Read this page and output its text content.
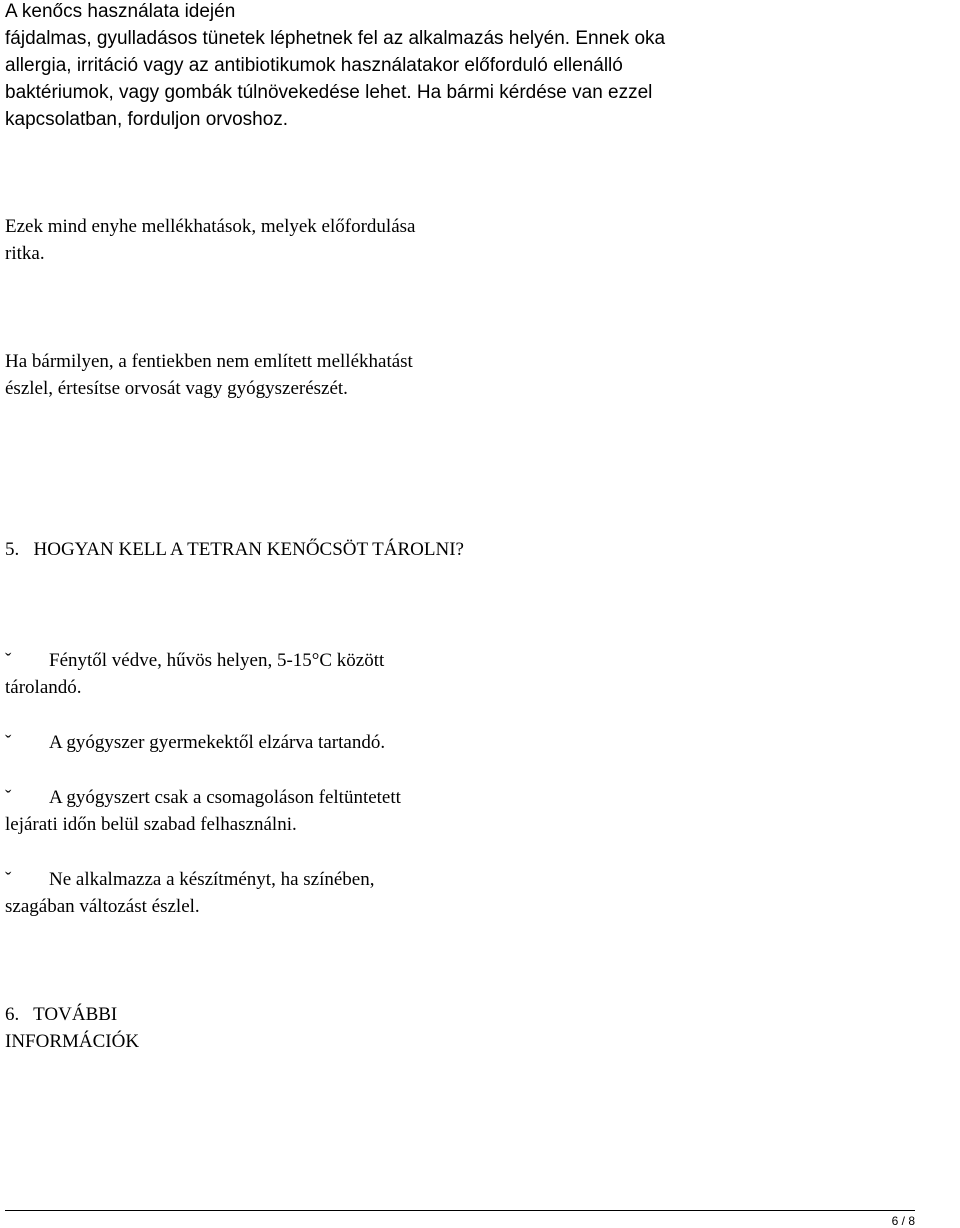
A kenőcs használata idején
fájdalmas, gyulladásos tünetek léphetnek fel az alkalmazás helyén. Ennek oka
allergia, irritáció vagy az antibiotikumok használatakor előforduló ellenálló
baktériumok, vagy gombák túlnövekedése lehet. Ha bármi kérdése van ezzel
kapcsolatban, forduljon orvoshoz.
Ezek mind enyhe mellékhatások, melyek előfordulása
ritka.
Ha bármilyen, a fentiekben nem említett mellékhatást
észlel, értesítse orvosát vagy gyógyszerészét.
5.   HOGYAN KELL A TETRAN KENŐCSÖT TÁROLNI?
ˇ Fénytől védve, hűvös helyen, 5-15°C között
tárolandó.
ˇ A gyógyszer gyermekektől elzárva tartandó.
ˇ A gyógyszert csak a csomagoláson feltüntetett
lejárati időn belül szabad felhasználni.
ˇ Ne alkalmazza a készítményt, ha színében,
szagában változást észlel.
6.   TOVÁBBI
INFORMÁCIÓK
6 / 8
